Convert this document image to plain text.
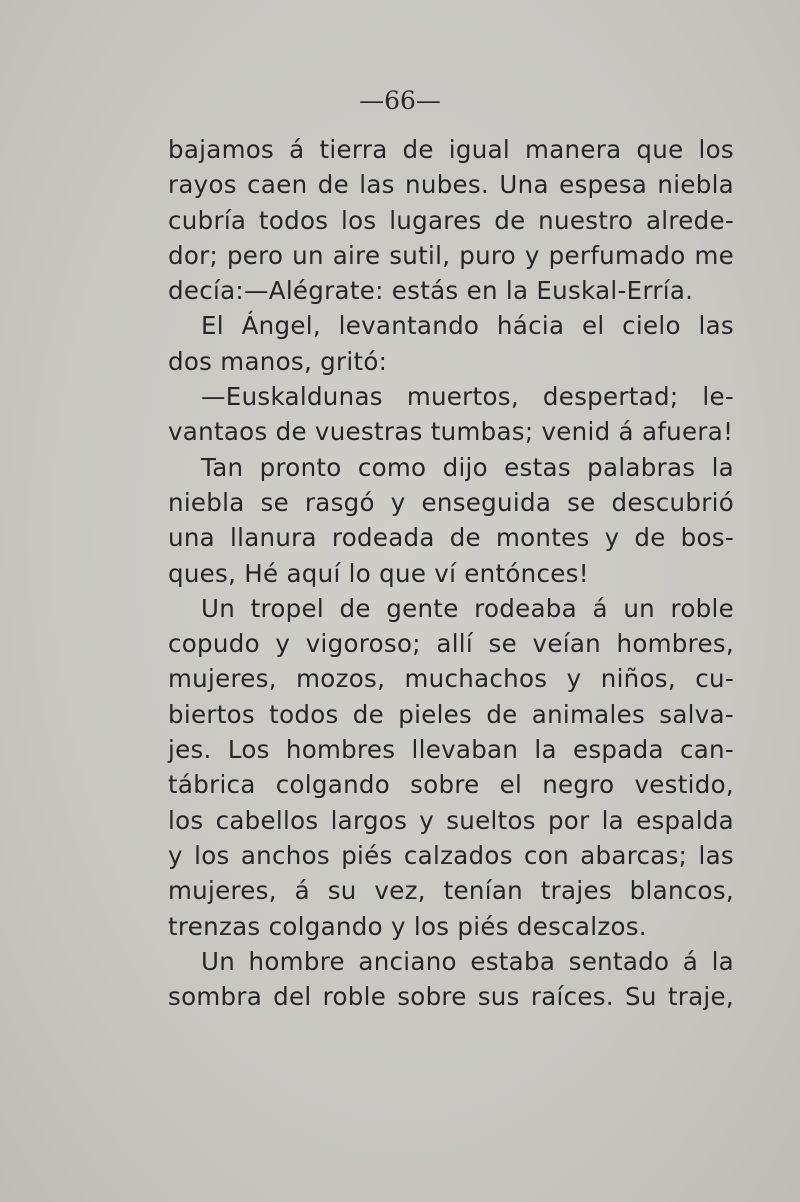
—66—
bajamos á tierra de igual manera que los
rayos caen de las nubes. Una espesa niebla
cubría todos los lugares de nuestro alrede-
dor; pero un aire sutil, puro y perfumado me
decía:—Alégrate: estás en la Euskal-Erría.
El Ángel, levantando hácia el cielo las
dos manos, gritó:
—Euskaldunas muertos, despertad; le-
vantaos de vuestras tumbas; venid á afuera!
Tan pronto como dijo estas palabras la
niebla se rasgó y enseguida se descubrió
una llanura rodeada de montes y de bos-
ques, Hé aquí lo que ví entónces!
Un tropel de gente rodeaba á un roble
copudo y vigoroso; allí se veían hombres,
mujeres, mozos, muchachos y niños, cu-
biertos todos de pieles de animales salva-
jes. Los hombres llevaban la espada can-
tábrica colgando sobre el negro vestido,
los cabellos largos y sueltos por la espalda
y los anchos piés calzados con abarcas; las
mujeres, á su vez, tenían trajes blancos,
trenzas colgando y los piés descalzos.
Un hombre anciano estaba sentado á la
sombra del roble sobre sus raíces. Su traje,
